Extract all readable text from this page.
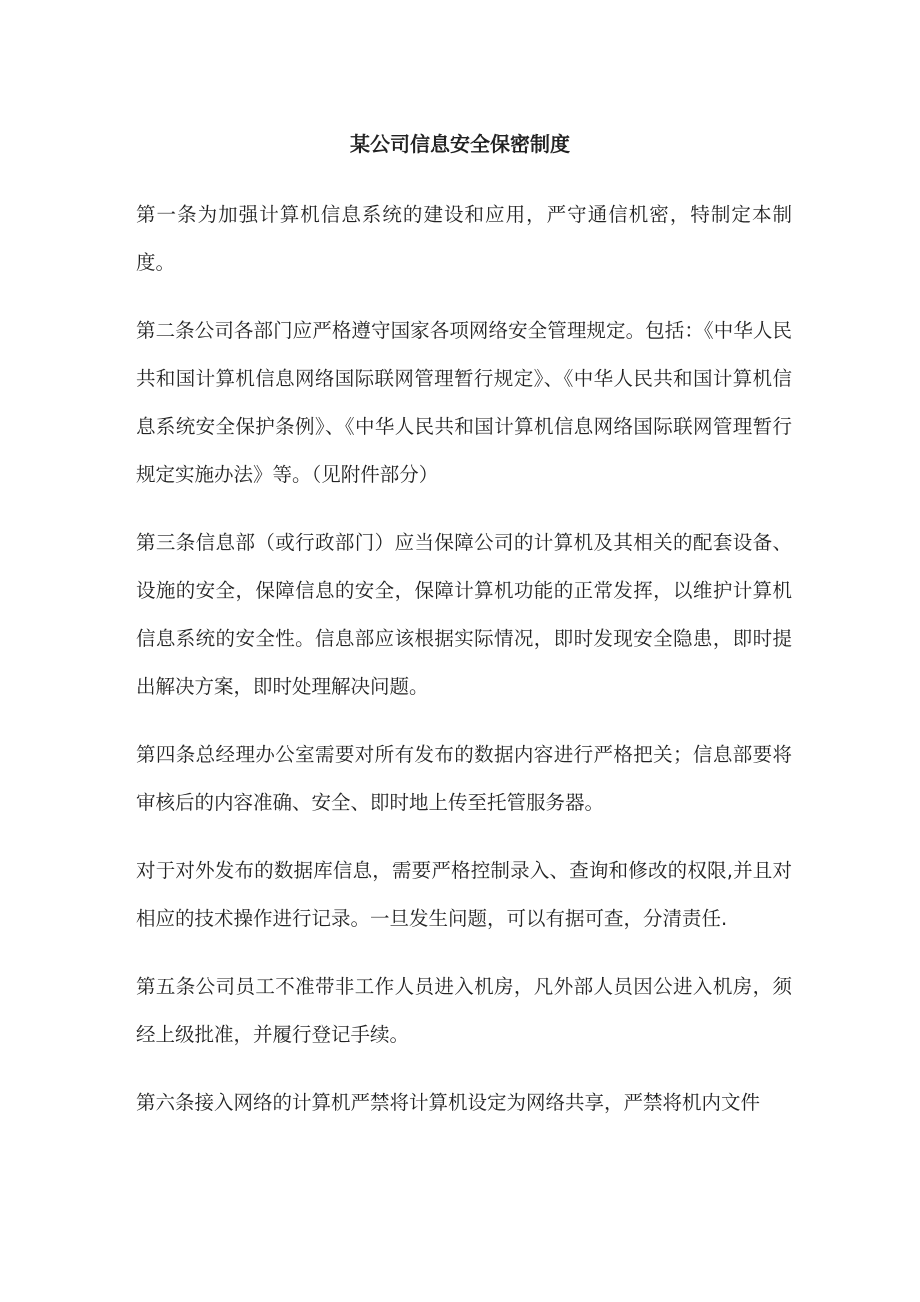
某公司信息安全保密制度

第一条为加强计算机信息系统的建设和应用，严守通信机密，特制定本制度。

第二条公司各部门应严格遵守国家各项网络安全管理规定。包括：《中华人民共和国计算机信息网络国际联网管理暂行规定》、《中华人民共和国计算机信息系统安全保护条例》、《中华人民共和国计算机信息网络国际联网管理暂行规定实施办法》等。（见附件部分）

第三条信息部（或行政部门）应当保障公司的计算机及其相关的配套设备、设施的安全，保障信息的安全，保障计算机功能的正常发挥，以维护计算机信息系统的安全性。信息部应该根据实际情况，即时发现安全隐患，即时提出解决方案，即时处理解决问题。

第四条总经理办公室需要对所有发布的数据内容进行严格把关；信息部要将审核后的内容准确、安全、即时地上传至托管服务器。

对于对外发布的数据库信息，需要严格控制录入、查询和修改的权限,并且对相应的技术操作进行记录。一旦发生问题，可以有据可查，分清责任.

第五条公司员工不准带非工作人员进入机房，凡外部人员因公进入机房，须经上级批准，并履行登记手续。

第六条接入网络的计算机严禁将计算机设定为网络共享，严禁将机内文件
